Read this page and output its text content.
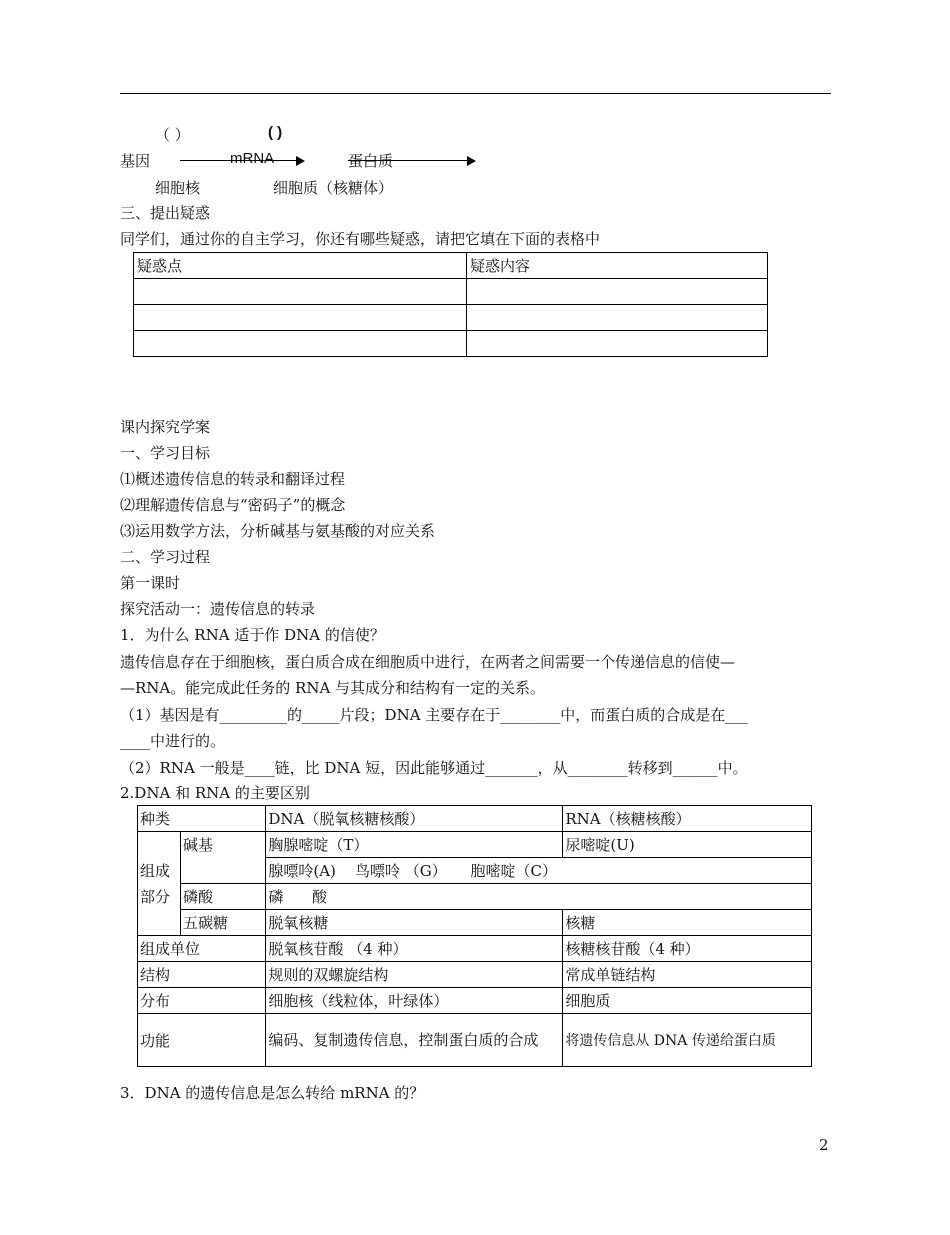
（ ）	( )
基因	mRNA	蛋白质
细胞核	细胞质（核糖体）
三、提出疑惑
同学们，通过你的自主学习，你还有哪些疑惑，请把它填在下面的表格中
疑惑点	疑惑内容

课内探究学案
一、学习目标
⑴概述遗传信息的转录和翻译过程
⑵理解遗传信息与“密码子”的概念
⑶运用数学方法，分析碱基与氨基酸的对应关系
二、学习过程
第一课时
探究活动一：遗传信息的转录
1．为什么 RNA 适于作 DNA 的信使？
遗传信息存在于细胞核，蛋白质合成在细胞质中进行，在两者之间需要一个传递信息的信使—
—RNA。能完成此任务的 RNA 与其成分和结构有一定的关系。
（1）基因是有_________的_____片段；DNA 主要存在于________中，而蛋白质的合成是在___
____中进行的。
（2）RNA 一般是____链，比 DNA 短，因此能够通过_______，从________转移到______中。
2.DNA 和 RNA 的主要区别
种类		DNA（脱氧核糖核酸）	RNA（核糖核酸）
组成部分	碱基	胸腺嘧啶（T）	尿嘧啶(U)
		腺嘌呤(A)    鸟嘌呤 （G）     胞嘧啶（C）	
	磷酸	磷      酸	
	五碳糖	脱氧核糖	核糖
组成单位		脱氧核苷酸 （4 种）	核糖核苷酸（4 种）
结构		规则的双螺旋结构	常成单链结构
分布		细胞核（线粒体，叶绿体）	细胞质
功能		编码、复制遗传信息，控制蛋白质的合成	将遗传信息从 DNA 传递给蛋白质
3．DNA 的遗传信息是怎么转给 mRNA 的？
2
